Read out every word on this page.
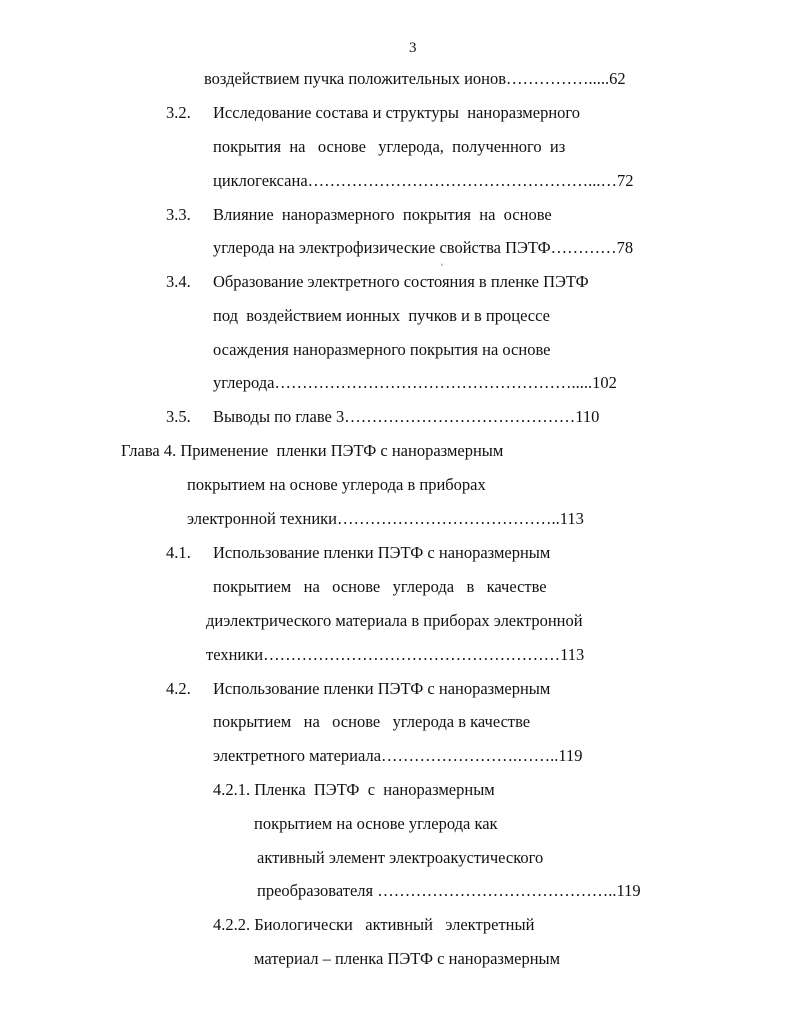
3
воздействием пучка положительных ионов…………….....62
3.2. Исследование состава и структуры  наноразмерного
покрытия  на   основе   углерода,  полученного  из
циклогексана……………………………………………...…72
3.3. Влияние  наноразмерного  покрытия  на  основе
углерода на электрофизические свойства ПЭТФ…………78
˛
3.4. Образование электретного состояния в пленке ПЭТФ
под  воздействием ионных  пучков и в процессе
осаждения наноразмерного покрытия на основе
углерода……………………………………………….....102
3.5. Выводы по главе 3……………………………………110
Глава 4. Применение  пленки ПЭТФ с наноразмерным
покрытием на основе углерода в приборах
электронной техники…………………………………..113
4.1. Использование пленки ПЭТФ с наноразмерным
покрытием   на   основе   углерода   в   качестве
диэлектрического материала в приборах электронной
техники………………………………………………113
4.2. Использование пленки ПЭТФ с наноразмерным
покрытием   на   основе   углерода в качестве
электретного материала…………………….……..119
4.2.1. Пленка  ПЭТФ  с  наноразмерным
покрытием на основе углерода как
активный элемент электроакустического
преобразователя ……………………………………..119
4.2.2. Биологически   активный   электретный
материал – пленка ПЭТФ с наноразмерным
